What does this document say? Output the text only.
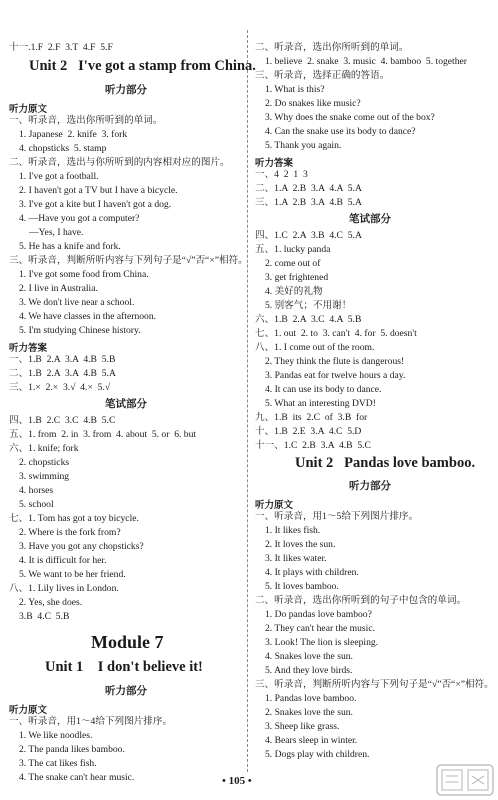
十一.1.F  2.F  3.T  4.F  5.F
Unit 2   I've got a stamp from China.
听力部分
听力原文
一、听录音，选出你所听到的单词。
1. Japanese  2. knife  3. fork
4. chopsticks  5. stamp
二、听录音，选出与你所听到的内容相对应的图片。
1. I've got a football.
2. I haven't got a TV but I have a bicycle.
3. I've got a kite but I haven't got a dog.
4. —Have you got a computer?
—Yes, I have.
5. He has a knife and fork.
三、听录音，判断所听内容与下列句子是“√”否“×”相符。
1. I've got some food from China.
2. I live in Australia.
3. We don't live near a school.
4. We have classes in the afternoon.
5. I'm studying Chinese history.
听力答案
一、1.B  2.A  3.A  4.B  5.B
二、1.B  2.A  3.A  4.B  5.A
三、1.×  2.×  3.√  4.×  5.√
笔试部分
四、1.B  2.C  3.C  4.B  5.C
五、1. from  2. in  3. from  4. about  5. or  6. but
六、1. knife; fork
2. chopsticks
3. swimming
4. horses
5. school
七、1. Tom has got a toy bicycle.
2. Where is the fork from?
3. Have you got any chopsticks?
4. It is difficult for her.
5. We want to be her friend.
八、1. Lily lives in London.
2. Yes, she does.
3.B  4.C  5.B
Module 7
Unit 1    I don't believe it!
听力部分
听力原文
一、听录音，用1～4给下列图片排序。
1. We like noodles.
2. The panda likes bamboo.
3. The cat likes fish.
4. The snake can't hear music.
二、听录音，选出你所听到的单词。
1. believe  2. snake  3. music  4. bamboo  5. together
三、听录音，选择正确的答语。
1. What is this?
2. Do snakes like music?
3. Why does the snake come out of the box?
4. Can the snake use its body to dance?
5. Thank you again.
听力答案
一、4  2  1  3
二、1.A  2.B  3.A  4.A  5.A
三、1.A  2.B  3.A  4.B  5.A
笔试部分
四、1.C  2.A  3.B  4.C  5.A
五、1. lucky panda
2. come out of
3. get frightened
4. 美好的礼物
5. 别客气；不用谢！
六、1.B  2.A  3.C  4.A  5.B
七、1. out  2. to  3. can't  4. for  5. doesn't
八、1. I come out of the room.
2. They think the flute is dangerous!
3. Pandas eat for twelve hours a day.
4. It can use its body to dance.
5. What an interesting DVD!
九、1.B  its  2.C  of  3.B  for
十、1.B  2.E  3.A  4.C  5.D
十一、1.C  2.B  3.A  4.B  5.C
Unit 2   Pandas love bamboo.
听力部分
听力原文
一、听录音，用1～5给下列图片排序。
1. It likes fish.
2. It loves the sun.
3. It likes water.
4. It plays with children.
5. It loves bamboo.
二、听录音，选出你所听到的句子中包含的单词。
1. Do pandas love bamboo?
2. They can't hear the music.
3. Look! The lion is sleeping.
4. Snakes love the sun.
5. And they love birds.
三、听录音，判断所听内容与下列句子是“√”否“×”相符。
1. Pandas love bamboo.
2. Snakes love the sun.
3. Sheep like grass.
4. Bears sleep in winter.
5. Dogs play with children.
• 105 •
